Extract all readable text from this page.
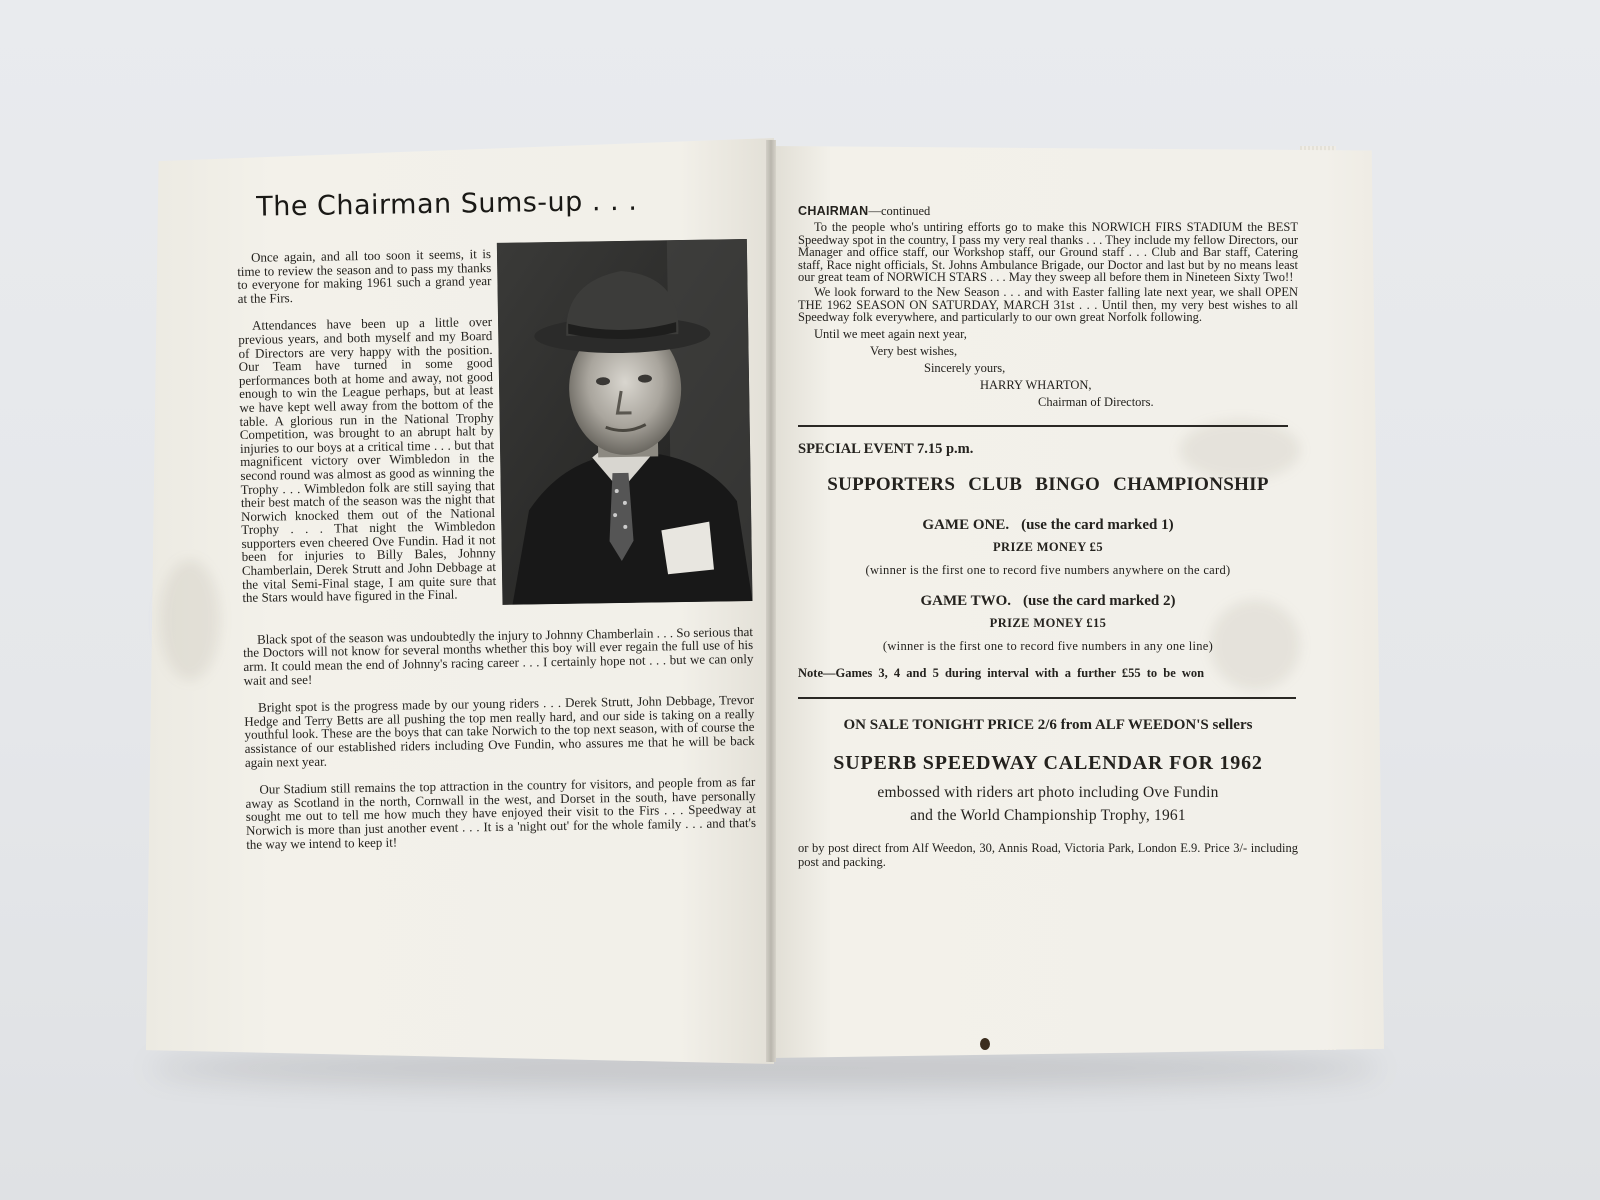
The Chairman Sums-up . . .

Once again, and all too soon it seems, it is time to review the season and to pass my thanks to everyone for making 1961 such a grand year at the Firs.

Attendances have been up a little over previous years, and both myself and my Board of Directors are very happy with the position. Our Team have turned in some good performances both at home and away, not good enough to win the League perhaps, but at least we have kept well away from the bottom of the table. A glorious run in the National Trophy Competition, was brought to an abrupt halt by injuries to our boys at a critical time . . . but that magnificent victory over Wimbledon in the second round was almost as good as winning the Trophy . . . Wimbledon folk are still saying that their best match of the season was the night that Norwich knocked them out of the National Trophy . . . That night the Wimbledon supporters even cheered Ove Fundin. Had it not been for injuries to Billy Bales, Johnny Chamberlain, Derek Strutt and John Debbage at the vital Semi-Final stage, I am quite sure that the Stars would have figured in the Final.

Black spot of the season was undoubtedly the injury to Johnny Chamberlain . . . So serious that the Doctors will not know for several months whether this boy will ever regain the full use of his arm. It could mean the end of Johnny's racing career . . . I certainly hope not . . . but we can only wait and see!

Bright spot is the progress made by our young riders . . . Derek Strutt, John Debbage, Trevor Hedge and Terry Betts are all pushing the top men really hard, and our side is taking on a really youthful look. These are the boys that can take Norwich to the top next season, with of course the assistance of our established riders including Ove Fundin, who assures me that he will be back again next year.

Our Stadium still remains the top attraction in the country for visitors, and people from as far away as Scotland in the north, Cornwall in the west, and Dorset in the south, have personally sought me out to tell me how much they have enjoyed their visit to the Firs . . . Speedway at Norwich is more than just another event . . . It is a 'night out' for the whole family . . . and that's the way we intend to keep it!

CHAIRMAN—continued

To the people who's untiring efforts go to make this NORWICH FIRS STADIUM the BEST Speedway spot in the country, I pass my very real thanks . . . They include my fellow Directors, our Manager and office staff, our Workshop staff, our Ground staff . . . Club and Bar staff, Catering staff, Race night officials, St. Johns Ambulance Brigade, our Doctor and last but by no means least our great team of NORWICH STARS . . . May they sweep all before them in Nineteen Sixty Two!!

We look forward to the New Season . . . and with Easter falling late next year, we shall OPEN THE 1962 SEASON ON SATURDAY, MARCH 31st . . . Until then, my very best wishes to all Speedway folk everywhere, and particularly to our own great Norfolk following.

Until we meet again next year,
Very best wishes,
Sincerely yours,
HARRY WHARTON,
Chairman of Directors.
SPECIAL EVENT 7.15 p.m.
SUPPORTERS CLUB BINGO CHAMPIONSHIP
GAME ONE. (use the card marked 1)
PRIZE MONEY £5
(winner is the first one to record five numbers anywhere on the card)
GAME TWO. (use the card marked 2)
PRIZE MONEY £15
(winner is the first one to record five numbers in any one line)
Note—Games 3, 4 and 5 during interval with a further £55 to be won
ON SALE TONIGHT PRICE 2/6 from ALF WEEDON'S sellers
SUPERB SPEEDWAY CALENDAR FOR 1962
embossed with riders art photo including Ove Fundin
and the World Championship Trophy, 1961
or by post direct from Alf Weedon, 30, Annis Road, Victoria Park, London E.9. Price 3/- including post and packing.
